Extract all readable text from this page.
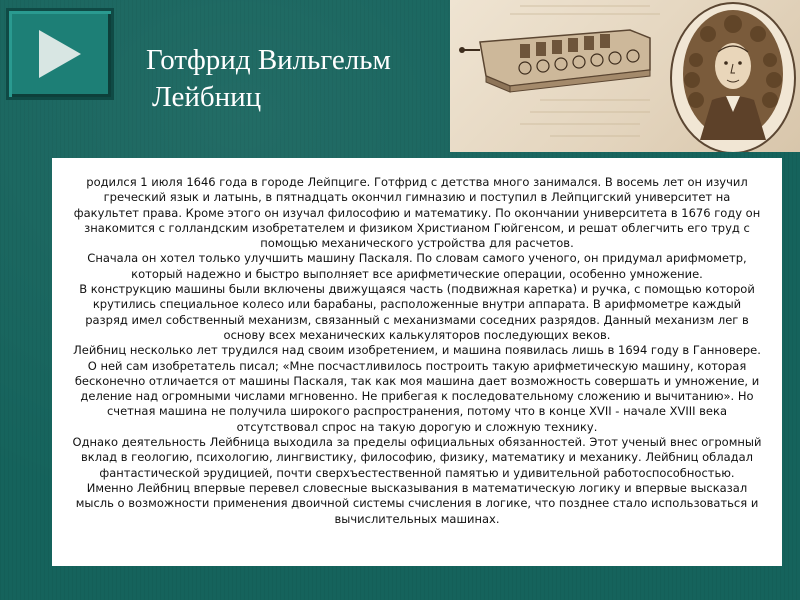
Готфрид Вильгельм
Лейбниц

родился 1 июля 1646 года в городе Лейпциге. Готфрид с детства много занимался. В восемь лет он изучил греческий язык и латынь, в пятнадцать окончил гимназию и поступил в Лейпцигский университет на факультет права. Кроме этого он изучал философию и математику. По окончании университета в 1676 году он знакомится с голландским изобретателем и физиком Христианом Гюйгенсом, и решат облегчить его труд с помощью механического устройства для расчетов.

Сначала он хотел только улучшить машину Паскаля. По словам самого ученого, он придумал арифмометр, который надежно и быстро выполняет все арифметические операции, особенно умножение.

В конструкцию машины были включены движущаяся часть (подвижная каретка) и ручка, с помощью которой крутились специальное колесо или барабаны, расположенные внутри аппарата. В арифмометре каждый разряд имел собственный механизм, связанный с механизмами соседних разрядов. Данный механизм лег в основу всех механических калькуляторов последующих веков.

Лейбниц несколько лет трудился над своим изобретением, и машина появилась лишь в 1694 году в Ганновере. О ней сам изобретатель писал; «Мне посчастливилось построить такую арифметическую машину, которая бесконечно отличается от машины Паскаля, так как моя машина дает возможность совершать и умножение, и деление над огромными числами мгновенно. Не прибегая к последовательному сложению и вычитанию». Но счетная машина не получила широкого распространения, потому что в конце XVII - начале XVIII века отсутствовал спрос на такую дорогую и сложную технику.

Однако деятельность Лейбница выходила за пределы официальных обязанностей. Этот ученый внес огромный вклад в геологию, психологию, лингвистику, философию, физику, математику и механику. Лейбниц обладал фантастической эрудицией, почти сверхъестественной памятью и удивительной работоспособностью.

Именно Лейбниц впервые перевел словесные высказывания в математическую логику и впервые высказал мысль о возможности применения двоичной системы счисления в логике, что позднее стало использоваться и вычислительных машинах.
